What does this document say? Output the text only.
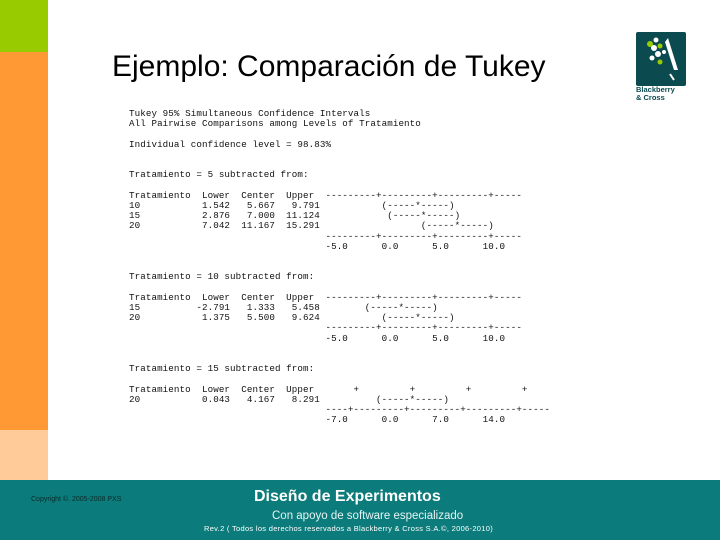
Ejemplo: Comparación de Tukey
Blackberry
& Cross

Tukey 95% Simultaneous Confidence Intervals
All Pairwise Comparisons among Levels of Tratamiento

Individual confidence level = 98.83%

Tratamiento = 5 subtracted from:

Tratamiento  Lower  Center  Upper  ---------+---------+---------+-----
10           1.542   5.667   9.791           (-----*-----)
15           2.876   7.000  11.124            (-----*-----)
20           7.042  11.167  15.291                  (-----*-----)
---------+---------+---------+-----
-5.0      0.0      5.0      10.0

Tratamiento = 10 subtracted from:

Tratamiento  Lower  Center  Upper  ---------+---------+---------+-----
15          -2.791   1.333   5.458        (-----*-----)
20           1.375   5.500   9.624           (-----*-----)
---------+---------+---------+-----
-5.0      0.0      5.0      10.0

Tratamiento = 15 subtracted from:

Tratamiento  Lower  Center  Upper       +         +         +         +
20           0.043   4.167   8.291          (-----*-----)
----+---------+---------+---------+-----
-7.0      0.0      7.0      14.0
Copyright ©. 2005-2008 PXS	Diseño de Experimentos
Con apoyo de software especializado
Rev.2 ( Todos los derechos reservados a Blackberry & Cross S.A.©, 2006-2010)
